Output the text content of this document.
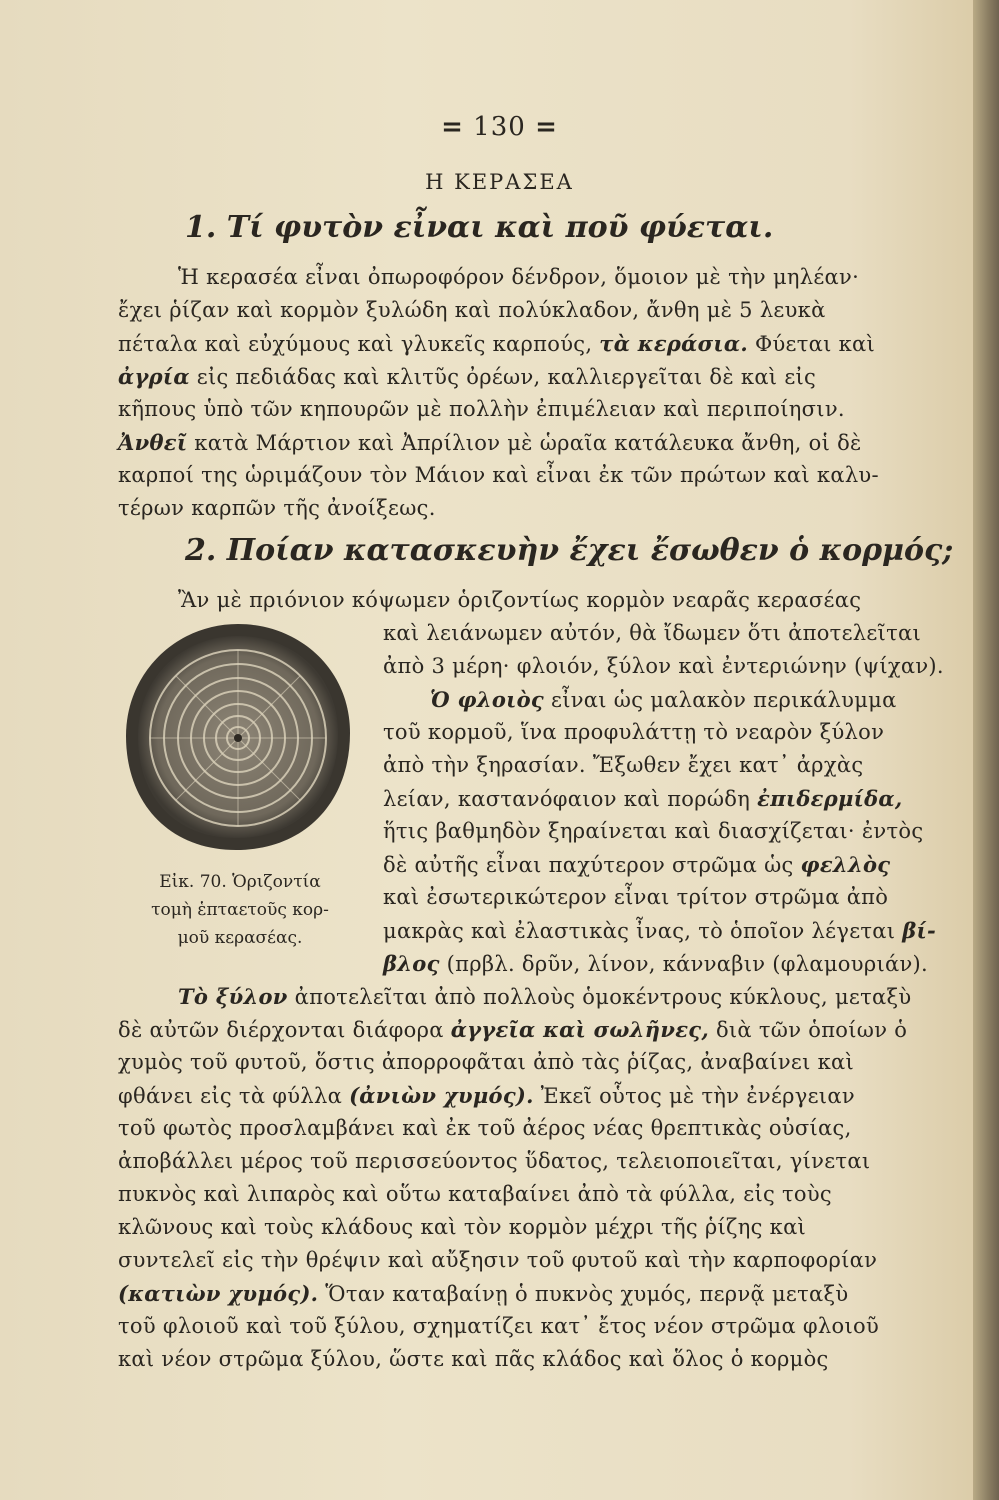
= 130 =
Η ΚΕΡΑΣΕΑ
1. Τί φυτὸν εἶναι καὶ ποῦ φύεται.
Ἡ κερασέα εἶναι ὀπωροφόρον δένδρον, ὅμοιον μὲ τὴν μηλέαν·
ἔχει ῥίζαν καὶ κορμὸν ξυλώδη καὶ πολύκλαδον, ἄνθη μὲ 5 λευκὰ
πέταλα καὶ εὐχύμους καὶ γλυκεῖς καρπούς, τὰ κεράσια. Φύεται καὶ
ἀγρία εἰς πεδιάδας καὶ κλιτῦς ὀρέων, καλλιεργεῖται δὲ καὶ εἰς
κῆπους ὑπὸ τῶν κηπουρῶν μὲ πολλὴν ἐπιμέλειαν καὶ περιποίησιν.
Ἀνθεῖ κατὰ Μάρτιον καὶ Ἀπρίλιον μὲ ὡραῖα κατάλευκα ἄνθη, οἱ δὲ
καρποί της ὡριμάζουν τὸν Μάιον καὶ εἶναι ἐκ τῶν πρώτων καὶ καλυ-
τέρων καρπῶν τῆς ἀνοίξεως.
2. Ποίαν κατασκευὴν ἔχει ἔσωθεν ὁ κορμός;
Ἂν μὲ πριόνιον κόψωμεν ὁριζοντίως κορμὸν νεαρᾶς κερασέας
καὶ λειάνωμεν αὐτόν, θὰ ἴδωμεν ὅτι ἀποτελεῖται
ἀπὸ 3 μέρη· φλοιόν, ξύλον καὶ ἐντεριώνην (ψίχαν).
Ὁ φλοιὸς εἶναι ὡς μαλακὸν περικάλυμμα
τοῦ κορμοῦ, ἵνα προφυλάττῃ τὸ νεαρὸν ξύλον
ἀπὸ τὴν ξηρασίαν. Ἔξωθεν ἔχει κατ᾽ ἀρχὰς
λείαν, καστανόφαιον καὶ πορώδη ἐπιδερμίδα,
ἥτις βαθμηδὸν ξηραίνεται καὶ διασχίζεται· ἐντὸς
δὲ αὐτῆς εἶναι παχύτερον στρῶμα ὡς φελλὸς
καὶ ἐσωτερικώτερον εἶναι τρίτον στρῶμα ἀπὸ
μακρὰς καὶ ἐλαστικὰς ἶνας, τὸ ὁποῖον λέγεται βί-
βλος (πρβλ. δρῦν, λίνον, κάνναβιν (φλαμουριάν).
Εἰκ. 70. Ὁριζοντία
τομὴ ἑπταετοῦς κορ-
μοῦ κερασέας.
Τὸ ξύλον ἀποτελεῖται ἀπὸ πολλοὺς ὁμοκέντρους κύκλους, μεταξὺ
δὲ αὐτῶν διέρχονται διάφορα ἀγγεῖα καὶ σωλῆνες, διὰ τῶν ὁποίων ὁ
χυμὸς τοῦ φυτοῦ, ὅστις ἀπορροφᾶται ἀπὸ τὰς ῥίζας, ἀναβαίνει καὶ
φθάνει εἰς τὰ φύλλα (ἀνιὼν χυμός). Ἐκεῖ οὗτος μὲ τὴν ἐνέργειαν
τοῦ φωτὸς προσλαμβάνει καὶ ἐκ τοῦ ἀέρος νέας θρεπτικὰς οὐσίας,
ἀποβάλλει μέρος τοῦ περισσεύοντος ὕδατος, τελειοποιεῖται, γίνεται
πυκνὸς καὶ λιπαρὸς καὶ οὕτω καταβαίνει ἀπὸ τὰ φύλλα, εἰς τοὺς
κλῶνους καὶ τοὺς κλάδους καὶ τὸν κορμὸν μέχρι τῆς ῥίζης καὶ
συντελεῖ εἰς τὴν θρέψιν καὶ αὔξησιν τοῦ φυτοῦ καὶ τὴν καρποφορίαν
(κατιὼν χυμός). Ὅταν καταβαίνῃ ὁ πυκνὸς χυμός, περνᾷ μεταξὺ
τοῦ φλοιοῦ καὶ τοῦ ξύλου, σχηματίζει κατ᾽ ἔτος νέον στρῶμα φλοιοῦ
καὶ νέον στρῶμα ξύλου, ὥστε καὶ πᾶς κλάδος καὶ ὅλος ὁ κορμὸς
